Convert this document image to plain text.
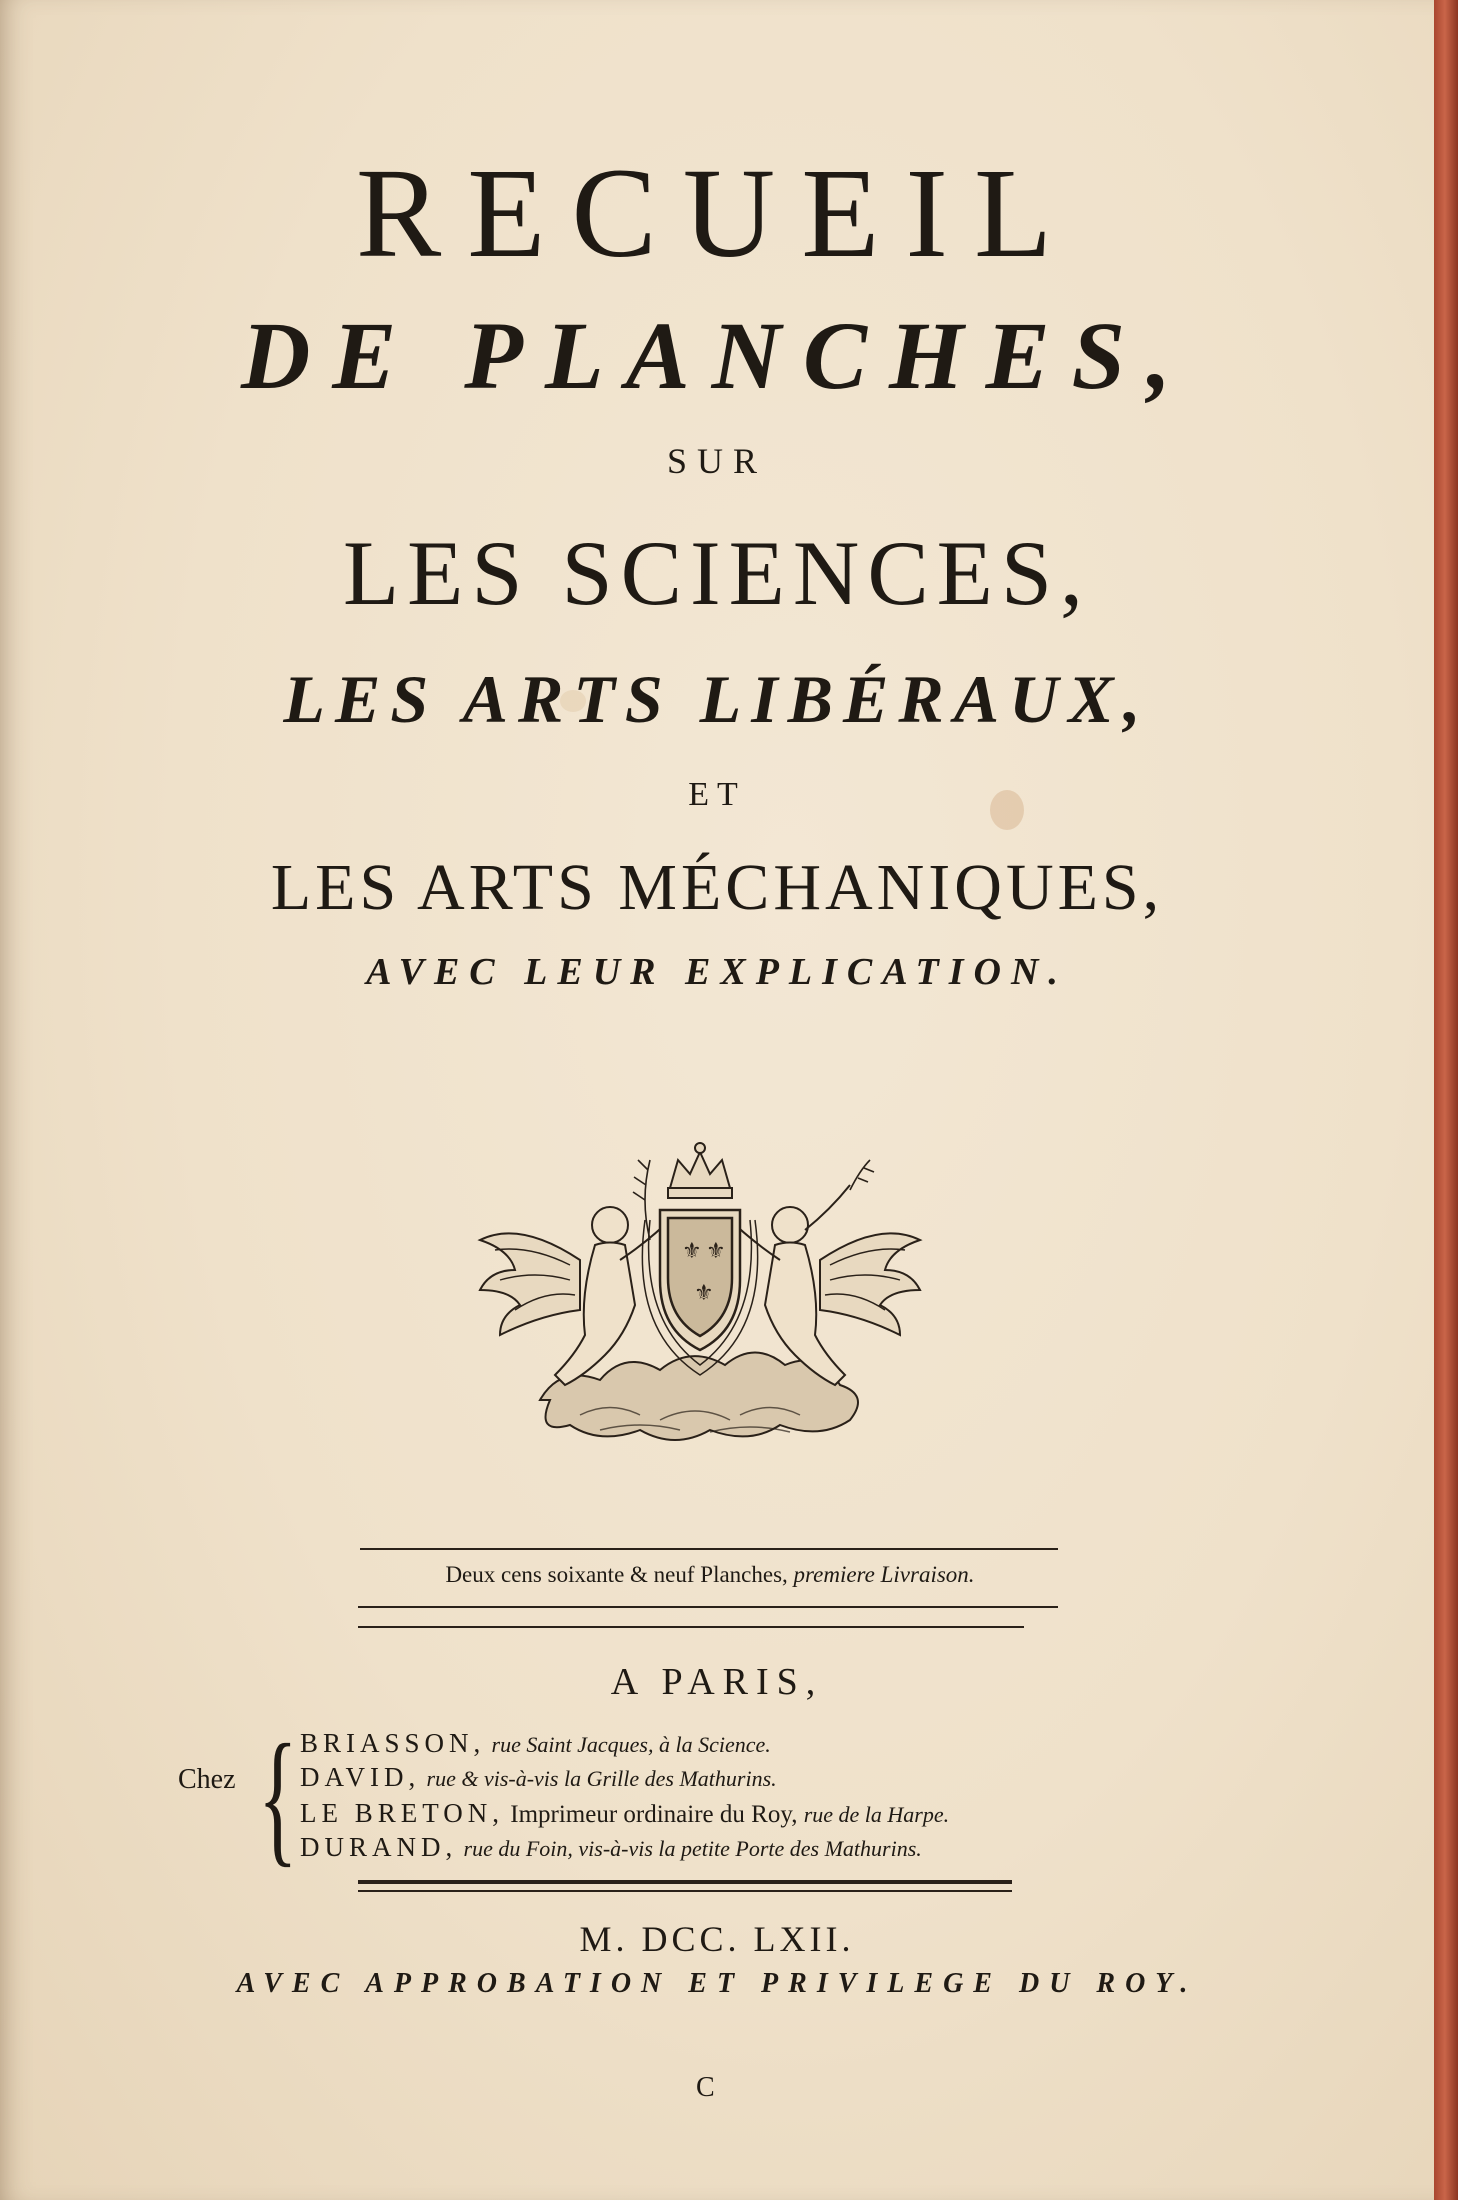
RECUEIL
DE PLANCHES,
SUR
LES SCIENCES,
LES ARTS LIBÉRAUX,
ET
LES ARTS MÉCHANIQUES,
AVEC LEUR EXPLICATION.
⚜ ⚜
⚜
Deux cens soixante & neuf Planches, premiere Livraison.
A PARIS,
Chez { BRIASSON, rue Saint Jacques, à la Science.
DAVID, rue & vis-à-vis la Grille des Mathurins.
LE BRETON, Imprimeur ordinaire du Roy, rue de la Harpe.
DURAND, rue du Foin, vis-à-vis la petite Porte des Mathurins.
M. DCC. LXII.
AVEC APPROBATION ET PRIVILEGE DU ROY.
C
